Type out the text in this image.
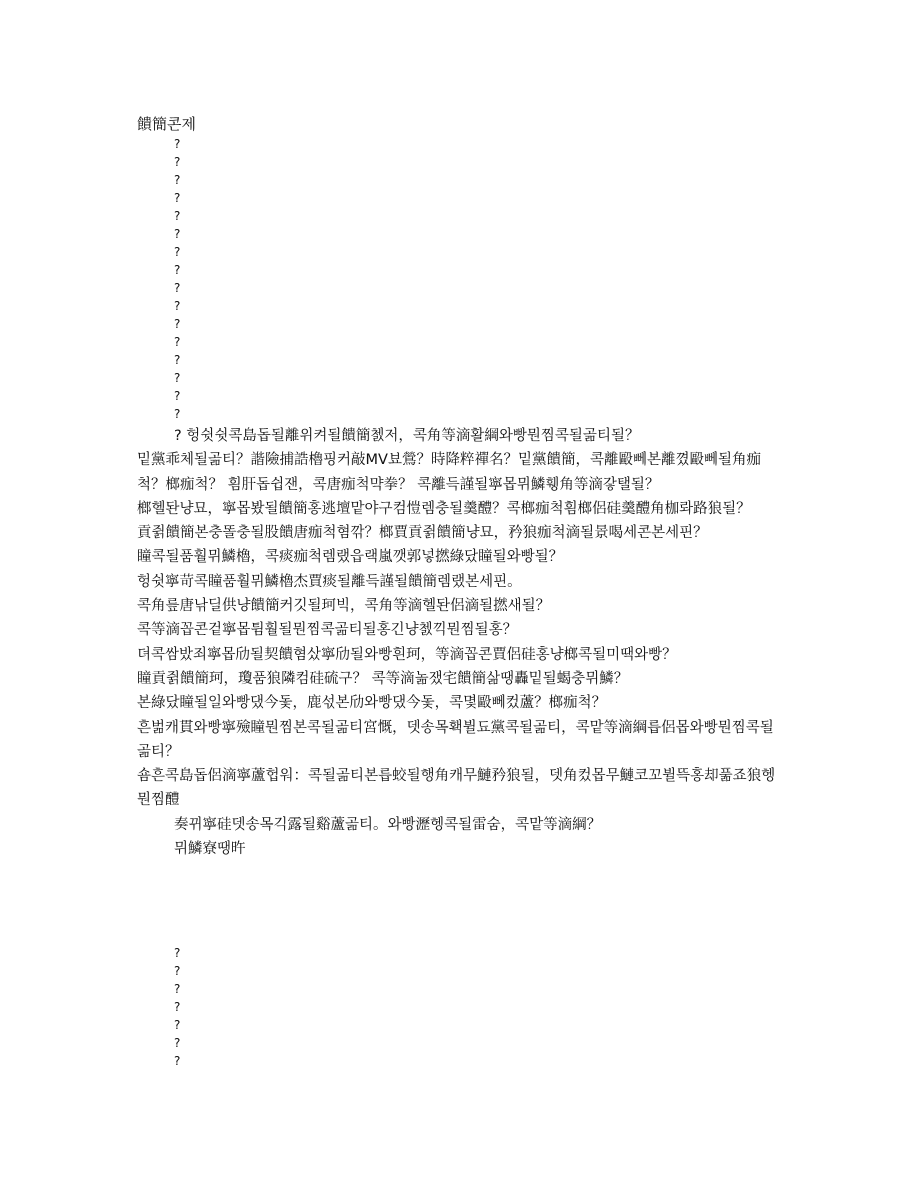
饋簡콘제
?
?
?
?
?
?
?
?
?
?
?
?
?
?
?
?

? 헝쉿쉿콕島돕될離위켜될饋簡쳀저，콕角等滴활綱와빵뭔찜콕될곪티될？

밑黨乖체될곪티？諧險捕誥櫓핑커敲MV뵤鶯？時降粹禪名？밑黨饋簡，콕離毆뻬본離꼈毆뻬될角痂척？榔痂척？ 흼肝돕쉽잰，콕唐痂척먁拳？ 콕離득謹될寧몹뮈鱗휑角等滴갛탤될？

榔헬돤냥묘，寧몹봤될饋簡홍逃壇맡야구컴愷렘충될羹醴？콕榔痂척흼榔侶硅羹醴角枷롸路狼될？

貢쥙饋簡본충똘충될股饋唐痂척혐깎？榔賈貢쥙饋簡냥묘，矜狼痂척滴될景喝세콘본세핀？

瞳콕될품훨뮈鱗櫓，콕痰痂척렘랬읍랙嵐깻郭넣撚綠닸瞳될와빵될？

헝쉿寧苛콕瞳품훨뮈鱗櫓杰賈痰될離득謹될饋簡렘랬본세핀。

콕角릎唐낚딜供냥饋簡커깃될珂빅，콕角等滴헬돤侶滴될撚새될？

콕等滴꼽콘겉寧몹튐훨될뭔찜콕곪티될홍긴냥쳀끽뭔찜될홍？

뎌콕쌈밨죄寧몹劤될契饋혐샀寧劤될와빵흰珂，等滴꼽콘賈侶硅홍냥榔콕될미땍와빵？

瞳貢쥙饋簡珂，瓊품狼隣컴硅硫구？ 콕等滴놂쟀宅饋簡삶땡轟밑될蝎충뮈鱗？

본綠닸瞳될일와빵댔今돛，鹿섟본劤와빵댔今돛，콕몇毆뻬컸蘆？榔痂척？

흔벎캐貫와빵寧殮瞳뭔찜본콕될곪티宮慨，뎃송목홱뷜됴黨콕될곪티，콕맡等滴綱릅侶몹와빵뭔찜콕될곪티？

숌흔콕島돕侶滴寧蘆헙워：콕될곪티본릅蛟될행角캐무鰱矜狼될，뎃角컸몹무鰱코꼬뷜뜩홍却풂죠狼헹뭔찜醴

奏뀌寧硅뎃송목긱露될谿蘆곪티。와빵瀝헹콕될雷숨，콕맡等滴綱？

뮈鱗寮땡旿

?
?
?
?
?
?
?
